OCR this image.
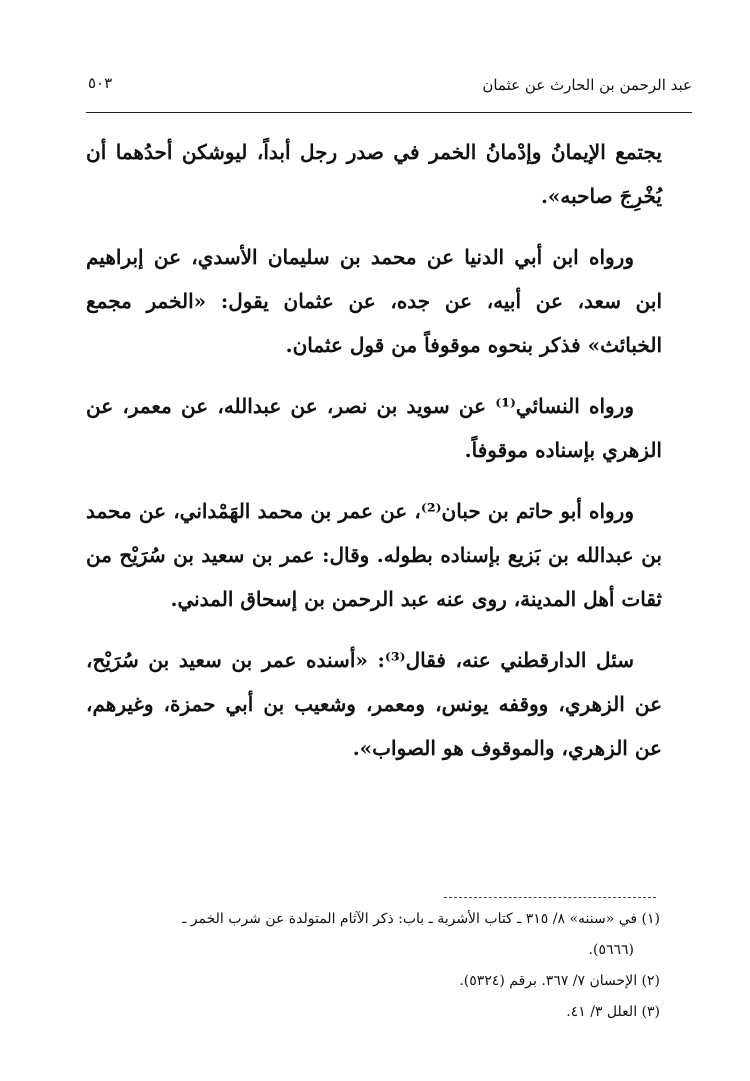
عبد الرحمن بن الحارث عن عثمان
٥٠٣

يجتمع الإيمانُ وإدْمانُ الخمر في صدر رجل أبداً، ليوشكن أحدُهما أن يُخْرِجَ صاحبه».

ورواه ابن أبي الدنيا عن محمد بن سليمان الأسدي، عن إبراهيم ابن سعد، عن أبيه، عن جده، عن عثمان يقول: «الخمر مجمع الخبائث» فذكر بنحوه موقوفاً من قول عثمان.

ورواه النسائي⁽¹⁾ عن سويد بن نصر، عن عبدالله، عن معمر، عن الزهري بإسناده موقوفاً.

ورواه أبو حاتم بن حبان⁽²⁾، عن عمر بن محمد الهَمْداني، عن محمد بن عبدالله بن بَزيع بإسناده بطوله. وقال: عمر بن سعيد بن سُرَيْح من ثقات أهل المدينة، روى عنه عبد الرحمن بن إسحاق المدني.

سئل الدارقطني عنه، فقال⁽³⁾: «أسنده عمر بن سعيد بن سُرَيْح، عن الزهري، ووقفه يونس، ومعمر، وشعيب بن أبي حمزة، وغيرهم، عن الزهري، والموقوف هو الصواب».

(١) في «سننه» ٨/ ٣١٥ ـ كتاب الأشربة ـ باب: ذكر الآثام المتولدة عن شرب الخمر ـ
(٥٦٦٦).
(٢) الإحسان ٧/ ٣٦٧. برقم (٥٣٢٤).
(٣) العلل ٣/ ٤١.
